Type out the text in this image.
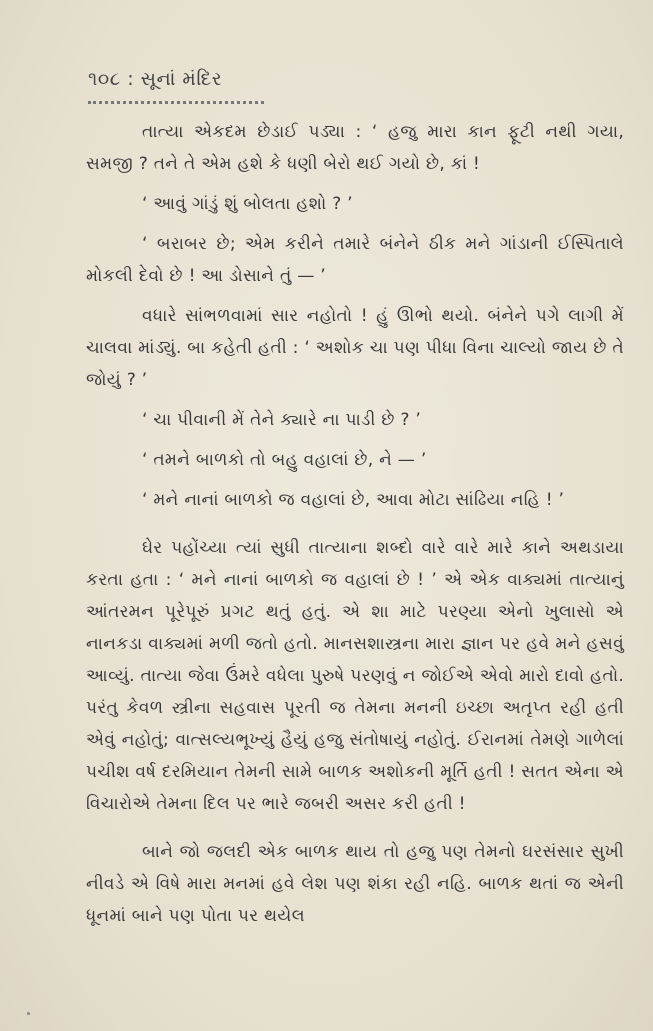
૧૦૮ : સૂનાં મંદિર

તાત્યા એકદમ છેડાઈ પડ્યા : ‘ હજુ મારા કાન ફૂટી નથી ગયા, સમજી ? તને તે એમ હશે કે ધણી બેરો થઈ ગયો છે, કાં !

‘ આવું ગાંડું શું બોલતા હશો ? ’

‘ બરાબર છે; એમ કરીને તમારે બંનેને ઠીક મને ગાંડાની ઈસ્પિતાલે મોકલી દેવો છે ! આ ડોસાને તું — ’

વધારે સાંભળવામાં સાર નહોતો ! હું ઊભો થયો. બંનેને પગે લાગી મેં ચાલવા માંડ્યું. બા કહેતી હતી : ‘ અશોક ચા પણ પીધા વિના ચાલ્યો જાય છે તે જોયું ? ’

‘ ચા પીવાની મેં તેને ક્યારે ના પાડી છે ? ’

‘ તમને બાળકો તો બહુ વહાલાં છે, ને — ’

‘ મને નાનાં બાળકો જ વહાલાં છે, આવા મોટા સાંઢિયા નહિ ! ’

ઘેર પહોંચ્યા ત્યાં સુધી તાત્યાના શબ્દો વારે વારે મારે કાને અથડાયા કરતા હતા : ‘ મને નાનાં બાળકો જ વહાલાં છે ! ’ એ એક વાક્યમાં તાત્યાનું આંતરમન પૂરેપૂરું પ્રગટ થતું હતું. એ શા માટે પરણ્યા એનો ખુલાસો એ નાનકડા વાક્યમાં મળી જતો હતો. માનસશાસ્ત્રના મારા જ્ઞાન પર હવે મને હસવું આવ્યું. તાત્યા જેવા ઉંમરે વધેલા પુરુષે પરણવું ન જોઈએ એવો મારો દાવો હતો. પરંતુ કેવળ સ્ત્રીના સહવાસ પૂરતી જ તેમના મનની ઇચ્છા અતૃપ્ત રહી હતી એવું નહોતું; વાત્સલ્યભૂખ્યું હૈયું હજુ સંતોષાયું નહોતું. ઈરાનમાં તેમણે ગાળેલાં પચીશ વર્ષ દરમિયાન તેમની સામે બાળક અશોકની મૂર્તિ હતી ! સતત એના એ વિચારોએ તેમના દિલ પર ભારે જબરી અસર કરી હતી !

બાને જો જલદી એક બાળક થાય તો હજુ પણ તેમનો ઘરસંસાર સુખી નીવડે એ વિષે મારા મનમાં હવે લેશ પણ શંકા રહી નહિ. બાળક થતાં જ એની ધૂનમાં બાને પણ પોતા પર થયેલ
